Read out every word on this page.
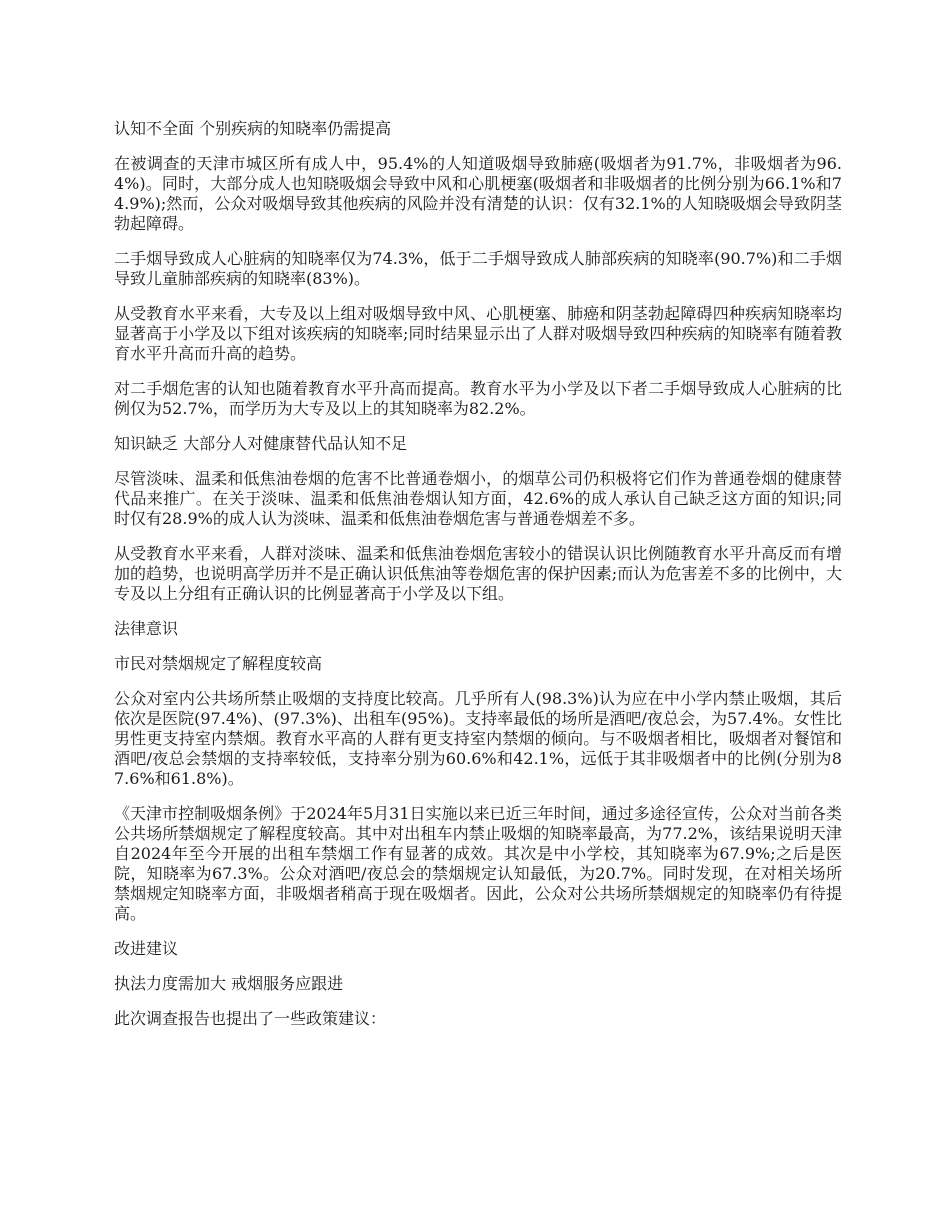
认知不全面 个别疾病的知晓率仍需提高

在被调查的天津市城区所有成人中，95.4%的人知道吸烟导致肺癌(吸烟者为91.7%，非吸烟者为96.4%)。同时，大部分成人也知晓吸烟会导致中风和心肌梗塞(吸烟者和非吸烟者的比例分别为66.1%和74.9%);然而，公众对吸烟导致其他疾病的风险并没有清楚的认识：仅有32.1%的人知晓吸烟会导致阴茎勃起障碍。

二手烟导致成人心脏病的知晓率仅为74.3%，低于二手烟导致成人肺部疾病的知晓率(90.7%)和二手烟导致儿童肺部疾病的知晓率(83%)。

从受教育水平来看，大专及以上组对吸烟导致中风、心肌梗塞、肺癌和阴茎勃起障碍四种疾病知晓率均显著高于小学及以下组对该疾病的知晓率;同时结果显示出了人群对吸烟导致四种疾病的知晓率有随着教育水平升高而升高的趋势。

对二手烟危害的认知也随着教育水平升高而提高。教育水平为小学及以下者二手烟导致成人心脏病的比例仅为52.7%，而学历为大专及以上的其知晓率为82.2%。

知识缺乏 大部分人对健康替代品认知不足

尽管淡味、温柔和低焦油卷烟的危害不比普通卷烟小，的烟草公司仍积极将它们作为普通卷烟的健康替代品来推广。在关于淡味、温柔和低焦油卷烟认知方面，42.6%的成人承认自己缺乏这方面的知识;同时仅有28.9%的成人认为淡味、温柔和低焦油卷烟危害与普通卷烟差不多。

从受教育水平来看，人群对淡味、温柔和低焦油卷烟危害较小的错误认识比例随教育水平升高反而有增加的趋势，也说明高学历并不是正确认识低焦油等卷烟危害的保护因素;而认为危害差不多的比例中，大专及以上分组有正确认识的比例显著高于小学及以下组。

法律意识

市民对禁烟规定了解程度较高

公众对室内公共场所禁止吸烟的支持度比较高。几乎所有人(98.3%)认为应在中小学内禁止吸烟，其后依次是医院(97.4%)、(97.3%)、出租车(95%)。支持率最低的场所是酒吧/夜总会，为57.4%。女性比男性更支持室内禁烟。教育水平高的人群有更支持室内禁烟的倾向。与不吸烟者相比，吸烟者对餐馆和酒吧/夜总会禁烟的支持率较低，支持率分别为60.6%和42.1%，远低于其非吸烟者中的比例(分别为87.6%和61.8%)。

《天津市控制吸烟条例》于2024年5月31日实施以来已近三年时间，通过多途径宣传，公众对当前各类公共场所禁烟规定了解程度较高。其中对出租车内禁止吸烟的知晓率最高，为77.2%，该结果说明天津自2024年至今开展的出租车禁烟工作有显著的成效。其次是中小学校，其知晓率为67.9%;之后是医院，知晓率为67.3%。公众对酒吧/夜总会的禁烟规定认知最低，为20.7%。同时发现，在对相关场所禁烟规定知晓率方面，非吸烟者稍高于现在吸烟者。因此，公众对公共场所禁烟规定的知晓率仍有待提高。

改进建议

执法力度需加大 戒烟服务应跟进

此次调查报告也提出了一些政策建议：
